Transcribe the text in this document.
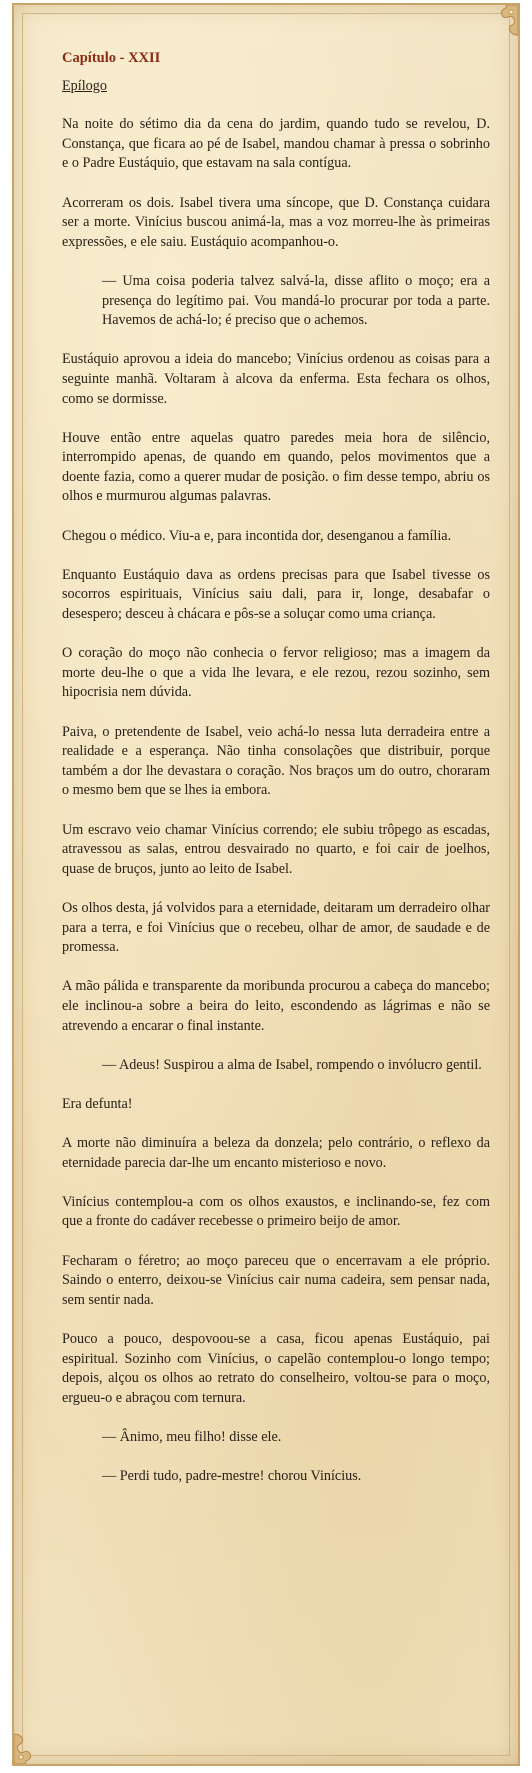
Capítulo - XXII
Epílogo
Na noite do sétimo dia da cena do jardim, quando tudo se revelou, D. Constança, que ficara ao pé de Isabel, mandou chamar à pressa o sobrinho e o Padre Eustáquio, que estavam na sala contígua.
Acorreram os dois. Isabel tivera uma síncope, que D. Constança cuidara ser a morte. Vinícius buscou animá-la, mas a voz morreu-lhe às primeiras expressões, e ele saiu. Eustáquio acompanhou-o.
— Uma coisa poderia talvez salvá-la, disse aflito o moço; era a presença do legítimo pai. Vou mandá-lo procurar por toda a parte. Havemos de achá-lo; é preciso que o achemos.
Eustáquio aprovou a ideia do mancebo; Vinícius ordenou as coisas para a seguinte manhã. Voltaram à alcova da enferma. Esta fechara os olhos, como se dormisse.
Houve então entre aquelas quatro paredes meia hora de silêncio, interrompido apenas, de quando em quando, pelos movimentos que a doente fazia, como a querer mudar de posição. o fim desse tempo, abriu os olhos e murmurou algumas palavras.
Chegou o médico. Viu-a e, para incontida dor, desenganou a família.
Enquanto Eustáquio dava as ordens precisas para que Isabel tivesse os socorros espirituais, Vinícius saiu dali, para ir, longe, desabafar o desespero; desceu à chácara e pôs-se a soluçar como uma criança.
O coração do moço não conhecia o fervor religioso; mas a imagem da morte deu-lhe o que a vida lhe levara, e ele rezou, rezou sozinho, sem hipocrisia nem dúvida.
Paiva, o pretendente de Isabel, veio achá-lo nessa luta derradeira entre a realidade e a esperança. Não tinha consolações que distribuir, porque também a dor lhe devastara o coração. Nos braços um do outro, choraram o mesmo bem que se lhes ia embora.
Um escravo veio chamar Vinícius correndo; ele subiu trôpego as escadas, atravessou as salas, entrou desvairado no quarto, e foi cair de joelhos, quase de bruços, junto ao leito de Isabel.
Os olhos desta, já volvidos para a eternidade, deitaram um derradeiro olhar para a terra, e foi Vinícius que o recebeu, olhar de amor, de saudade e de promessa.
A mão pálida e transparente da moribunda procurou a cabeça do mancebo; ele inclinou-a sobre a beira do leito, escondendo as lágrimas e não se atrevendo a encarar o final instante.
— Adeus! Suspirou a alma de Isabel, rompendo o invólucro gentil.
Era defunta!
A morte não diminuíra a beleza da donzela; pelo contrário, o reflexo da eternidade parecia dar-lhe um encanto misterioso e novo.
Vinícius contemplou-a com os olhos exaustos, e inclinando-se, fez com que a fronte do cadáver recebesse o primeiro beijo de amor.
Fecharam o féretro; ao moço pareceu que o encerravam a ele próprio. Saindo o enterro, deixou-se Vinícius cair numa cadeira, sem pensar nada, sem sentir nada.
Pouco a pouco, despovoou-se a casa, ficou apenas Eustáquio, pai espiritual. Sozinho com Vinícius, o capelão contemplou-o longo tempo; depois, alçou os olhos ao retrato do conselheiro, voltou-se para o moço, ergueu-o e abraçou com ternura.
— Ânimo, meu filho! disse ele.
— Perdi tudo, padre-mestre! chorou Vinícius.
